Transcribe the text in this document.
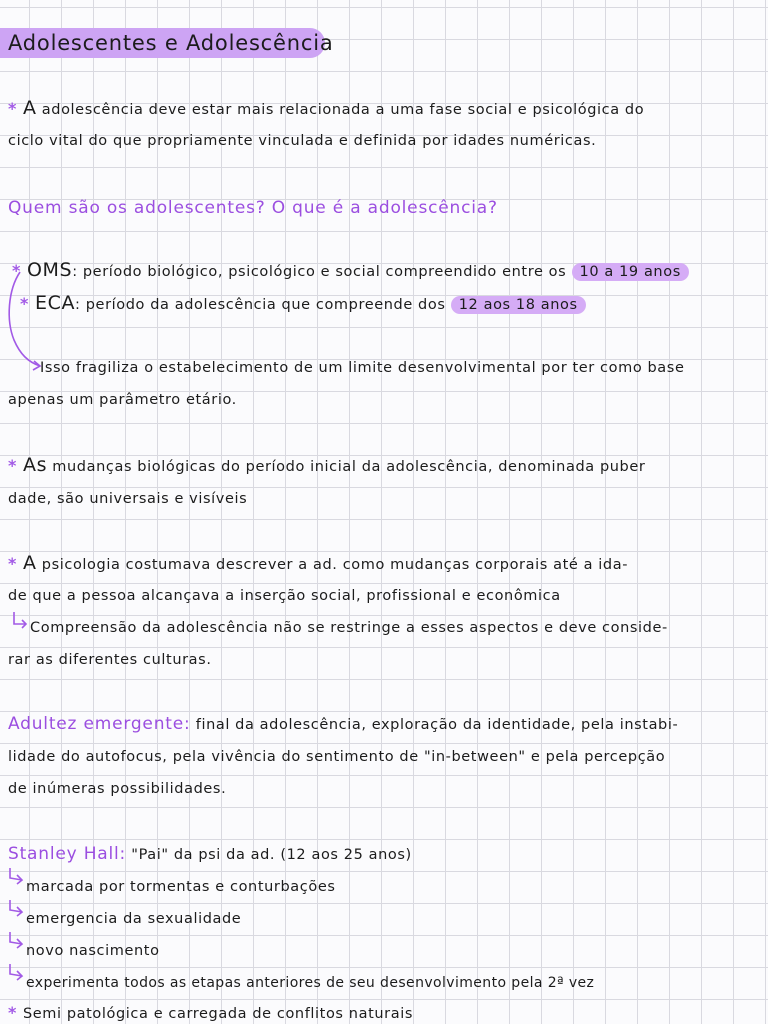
Adolescentes e Adolescência
* A adolescência deve estar mais relacionada a uma fase social e psicológica do
ciclo vital do que propriamente vinculada e definida por idades numéricas.
Quem são os adolescentes? O que é a adolescência?
* OMS: período biológico, psicológico e social compreendido entre os 10 a 19 anos
* ECA: período da adolescência que compreende dos 12 aos 18 anos
Isso fragiliza o estabelecimento de um limite desenvolvimental por ter como base
apenas um parâmetro etário.
* As mudanças biológicas do período inicial da adolescência, denominada puber
dade, são universais e visíveis
* A psicologia costumava descrever a ad. como mudanças corporais até a ida-
de que a pessoa alcançava a inserção social, profissional e econômica
Compreensão da adolescência não se restringe a esses aspectos e deve conside-
rar as diferentes culturas.
Adultez emergente: final da adolescência, exploração da identidade, pela instabi-
lidade do autofocus, pela vivência do sentimento de "in-between" e pela percepção
de inúmeras possibilidades.
Stanley Hall: "Pai" da psi da ad. (12 aos 25 anos)
marcada por tormentas e conturbações
emergencia da sexualidade
novo nascimento
experimenta todos as etapas anteriores de seu desenvolvimento pela 2ª vez
* Semi patológica e carregada de conflitos naturais
